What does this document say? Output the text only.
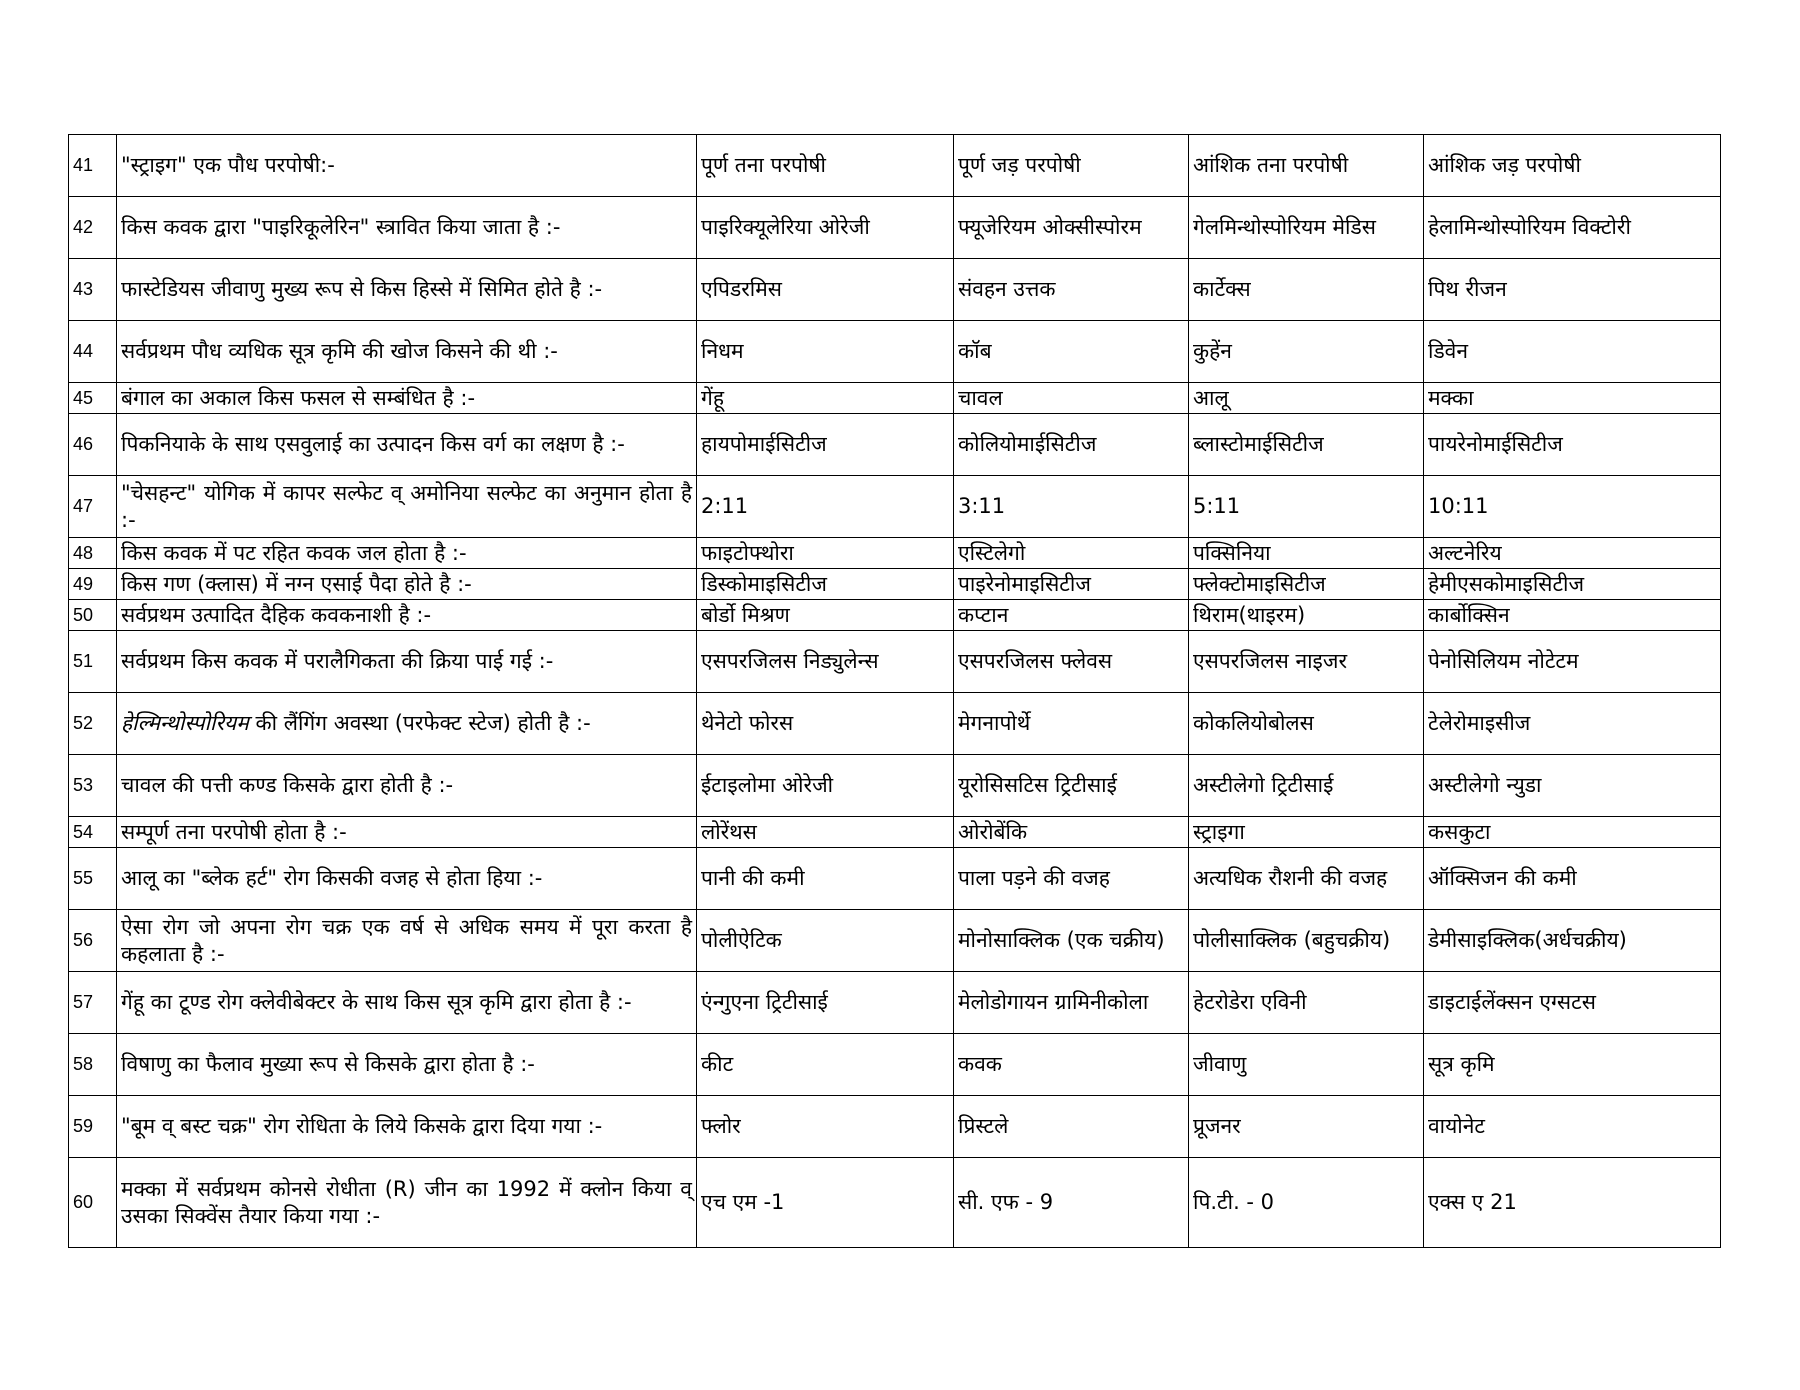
41	"स्ट्राइग" एक पौध परपोषी:-	पूर्ण तना परपोषी	पूर्ण जड़ परपोषी	आंशिक तना परपोषी	आंशिक जड़ परपोषी
42	किस कवक द्वारा "पाइरिकूलेरिन" स्त्रावित किया जाता है :-	पाइरिक्यूलेरिया ओरेजी	फ्यूजेरियम ओक्सीस्पोरम	गेलमिन्थोस्पोरियम मेडिस	हेलामिन्थोस्पोरियम विक्टोरी
43	फास्टेडियस जीवाणु मुख्य रूप से किस हिस्से में सिमित होते है :-	एपिडरमिस	संवहन उत्तक	कार्टेक्स	पिथ रीजन
44	सर्वप्रथम पौध व्यधिक सूत्र कृमि की खोज किसने की थी :-	निधम	कॉब	कुहेंन	डिवेन
45	बंगाल का अकाल किस फसल से सम्बंधित है :-	गेंहू	चावल	आलू	मक्का
46	पिकनियाके के साथ एसवुलाई का उत्पादन किस वर्ग का लक्षण है :-	हायपोमाईसिटीज	कोलियोमाईसिटीज	ब्लास्टोमाईसिटीज	पायरेनोमाईसिटीज
47	"चेसहन्ट" योगिक में कापर सल्फेट व् अमोनिया सल्फेट का अनुमान होता है :-	2:11	3:11	5:11	10:11
48	किस कवक में पट रहित कवक जल होता है :-	फाइटोफ्थोरा	एस्टिलेगो	पक्सिनिया	अल्टनेरिय
49	किस गण (क्लास) में नग्न एसाई पैदा होते है :-	डिस्कोमाइसिटीज	पाइरेनोमाइसिटीज	फ्लेक्टोमाइसिटीज	हेमीएसकोमाइसिटीज
50	सर्वप्रथम उत्पादित दैहिक कवकनाशी है :-	बोर्डो मिश्रण	कप्टान	थिराम(थाइरम)	कार्बोक्सिन
51	सर्वप्रथम किस कवक में परालैगिकता की क्रिया पाई गई :-	एसपरजिलस निड्युलेन्स	एसपरजिलस फ्लेवस	एसपरजिलस नाइजर	पेनोसिलियम नोटेटम
52	हेल्मिन्थोस्पोरियम की लैंगिंग अवस्था (परफेक्ट स्टेज) होती है :-	थेनेटो फोरस	मेगनापोर्थे	कोकलियोबोलस	टेलेरोमाइसीज
53	चावल की पत्ती कण्ड किसके द्वारा होती है :-	ईटाइलोमा ओरेजी	यूरोसिसटिस ट्रिटीसाई	अस्टीलेगो ट्रिटीसाई	अस्टीलेगो न्युडा
54	सम्पूर्ण तना परपोषी होता है :-	लोरेंथस	ओरोबेंकि	स्ट्राइगा	कसकुटा
55	आलू का "ब्लेक हर्ट" रोग किसकी वजह से होता हिया :-	पानी की कमी	पाला पड़ने की वजह	अत्यधिक रौशनी की वजह	ऑक्सिजन की कमी
56	ऐसा रोग जो अपना रोग चक्र एक वर्ष से अधिक समय में पूरा करता है कहलाता है :-	पोलीऐटिक	मोनोसाक्लिक (एक चक्रीय)	पोलीसाक्लिक (बहुचक्रीय)	डेमीसाइक्लिक(अर्धचक्रीय)
57	गेंहू का टूण्ड रोग क्लेवीबेक्टर के साथ किस सूत्र कृमि द्वारा होता है :-	एंन्गुएना ट्रिटीसाई	मेलोडोगायन ग्रामिनीकोला	हेटरोडेरा एविनी	डाइटाईलेंक्सन एग्सटस
58	विषाणु का फैलाव मुख्या रूप से किसके द्वारा होता है :-	कीट	कवक	जीवाणु	सूत्र कृमि
59	"बूम व् बस्ट चक्र" रोग रोधिता के लिये किसके द्वारा दिया गया :-	फ्लोर	प्रिस्टले	प्रूजनर	वायोनेट
60	मक्का में सर्वप्रथम कोनसे रोधीता (R) जीन का 1992 में क्लोन किया व् उसका सिक्वेंस तैयार किया गया :-	एच एम -1	सी. एफ - 9	पि.टी. - 0	एक्स ए 21
